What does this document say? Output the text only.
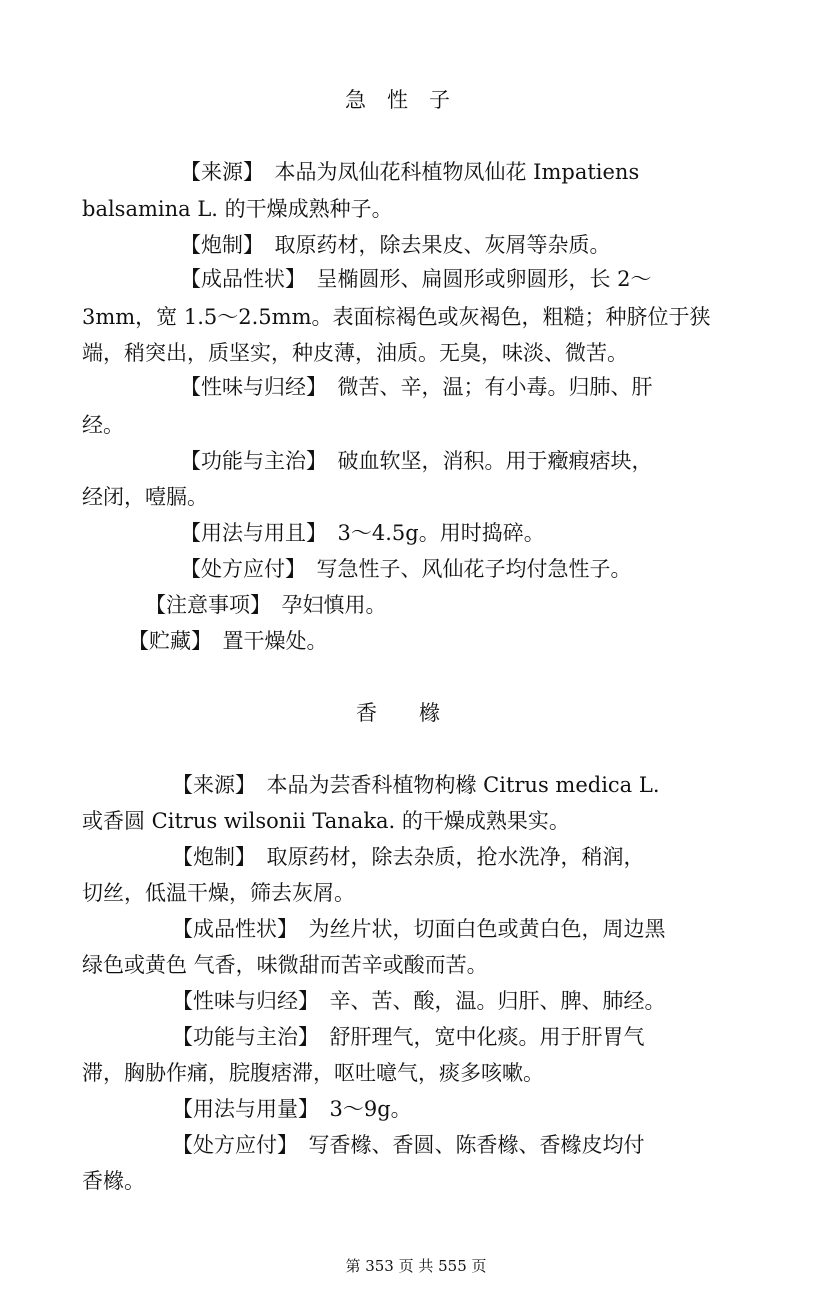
急　性　子
【来源】　本品为凤仙花科植物凤仙花 Impatiens
balsamina L. 的干燥成熟种子。
【炮制】　取原药材，除去果皮、灰屑等杂质。
【成品性状】　呈椭圆形、扁圆形或卵圆形，长 2～
3mm，宽 1.5～2.5mm。表面棕褐色或灰褐色，粗糙；种脐位于狭
端，稍突出，质坚实，种皮薄，油质。无臭，味淡、微苦。
【性味与归经】　微苦、辛，温；有小毒。归肺、肝
经。
【功能与主治】　破血软坚，消积。用于癥瘕痞块，
经闭，噎膈。
【用法与用且】　3～4.5g。用时捣碎。
【处方应付】　写急性子、风仙花子均付急性子。
【注意事项】　孕妇慎用。
【贮藏】　置干燥处。
香　　橼
【来源】　本品为芸香科植物枸橼 Citrus medica L.
或香圆 Citrus wilsonii Tanaka. 的干燥成熟果实。
【炮制】　取原药材，除去杂质，抢水洗净，稍润，
切丝，低温干燥，筛去灰屑。
【成品性状】　为丝片状，切面白色或黄白色，周边黑
绿色或黄色 气香，味微甜而苦辛或酸而苦。
【性味与归经】　辛、苦、酸，温。归肝、脾、肺经。
【功能与主治】　舒肝理气，宽中化痰。用于肝胃气
滞，胸胁作痛，脘腹痞滞，呕吐噫气，痰多咳嗽。
【用法与用量】　3～9g。
【处方应付】　写香橼、香圆、陈香橼、香橼皮均付
香橼。
第 353 页 共 555 页
